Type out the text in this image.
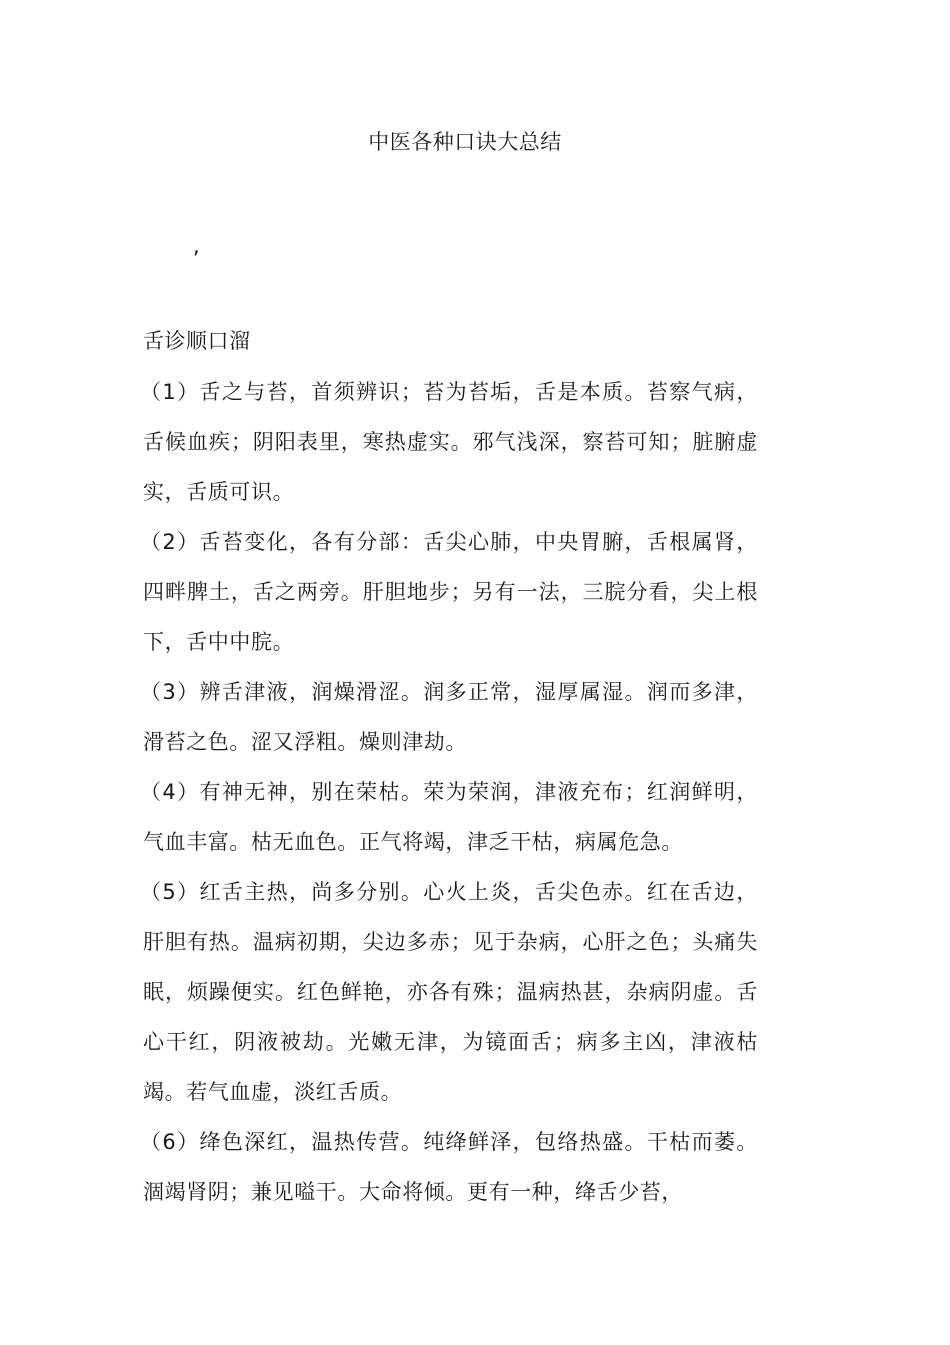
中医各种口诀大总结
,
舌诊顺口溜

（1）舌之与苔，首须辨识；苔为苔垢，舌是本质。苔察气病，舌候血疾；阴阳表里，寒热虚实。邪气浅深，察苔可知；脏腑虚实，舌质可识。

（2）舌苔变化，各有分部：舌尖心肺，中央胃腑，舌根属肾，四畔脾土，舌之两旁。肝胆地步；另有一法，三脘分看，尖上根下，舌中中脘。

（3）辨舌津液，润燥滑涩。润多正常，湿厚属湿。润而多津，滑苔之色。涩又浮粗。燥则津劫。

（4）有神无神，别在荣枯。荣为荣润，津液充布；红润鲜明，气血丰富。枯无血色。正气将竭，津乏干枯，病属危急。

（5）红舌主热，尚多分别。心火上炎，舌尖色赤。红在舌边，肝胆有热。温病初期，尖边多赤；见于杂病，心肝之色；头痛失眠，烦躁便实。红色鲜艳，亦各有殊；温病热甚，杂病阴虚。舌心干红，阴液被劫。光嫩无津，为镜面舌；病多主凶，津液枯竭。若气血虚，淡红舌质。

（6）绛色深红，温热传营。纯绛鲜泽，包络热盛。干枯而萎。涸竭肾阴；兼见嗌干。大命将倾。更有一种，绛舌少苔，
